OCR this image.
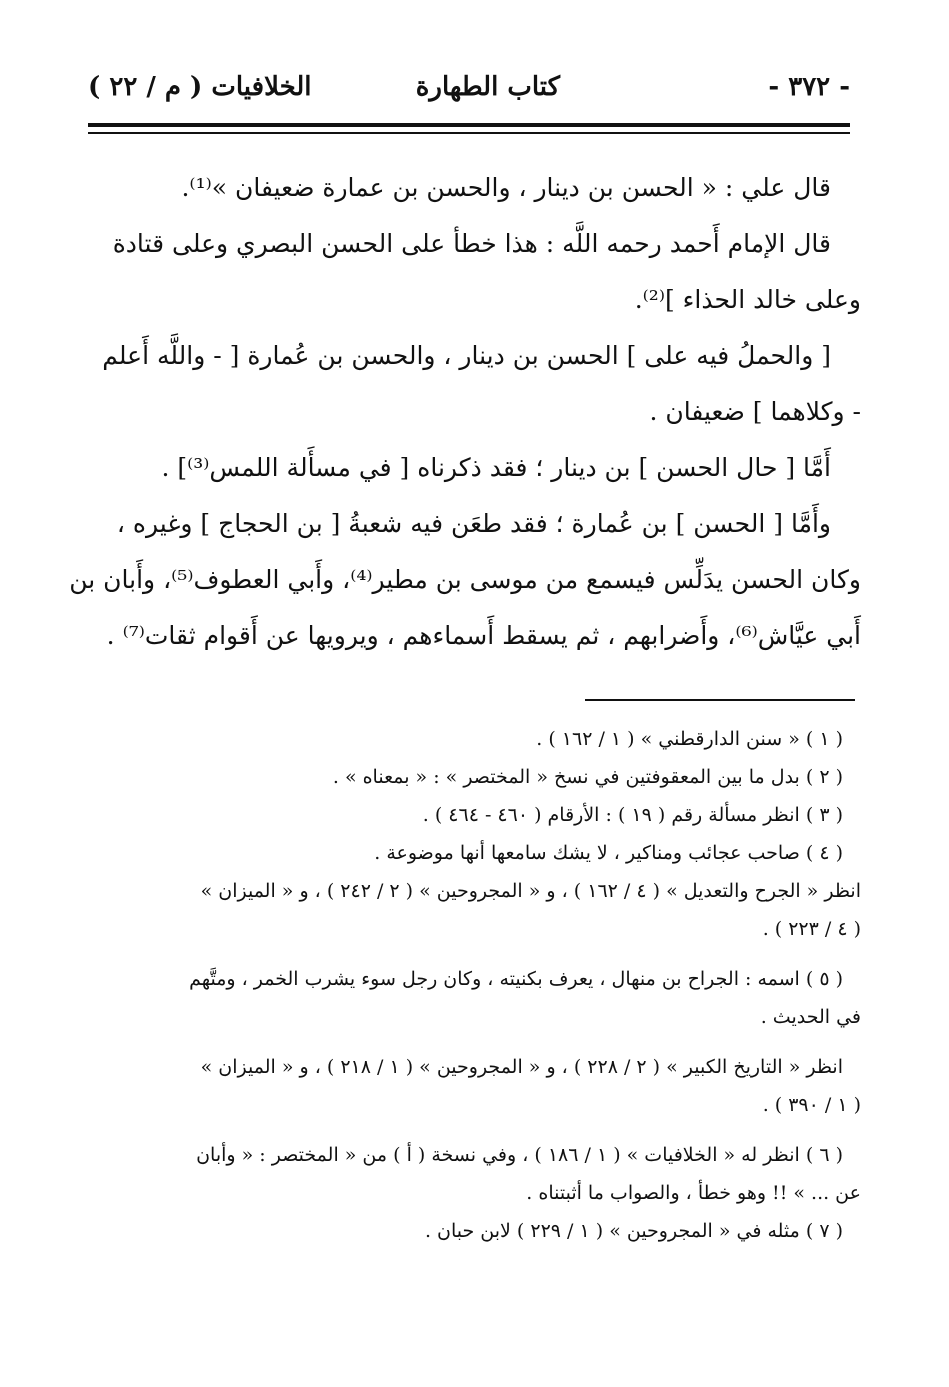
- ٣٧٢ -
كتاب الطهارة
الخلافيات ( م / ٢٢ )

قال علي : « الحسن بن دينار ، والحسن بن عمارة ضعيفان »⁽¹⁾.

قال الإمام أَحمد رحمه اللَّه : هذا خطأ على الحسن البصري وعلى قتادة

وعلى خالد الحذاء ]⁽²⁾.

[ والحملُ فيه على ] الحسن بن دينار ، والحسن بن عُمارة [ - واللَّه أَعلم

- وكلاهما ] ضعيفان .

أَمَّا [ حال الحسن ] بن دينار ؛ فقد ذكرناه [ في مسأَلة اللمس⁽³⁾] .

وأَمَّا [ الحسن ] بن عُمارة ؛ فقد طعَن فيه شعبةُ [ بن الحجاج ] وغيره ،

وكان الحسن يدَلِّس فيسمع من موسى بن مطير⁽⁴⁾، وأَبي العطوف⁽⁵⁾، وأَبان بن

أَبي عيَّاش⁽⁶⁾، وأَضرابهم ، ثم يسقط أَسماءهم ، ويرويها عن أَقوام ثقات⁽⁷⁾ .

( ١ ) « سنن الدارقطني » ( ١ / ١٦٢ ) .

( ٢ ) بدل ما بين المعقوفتين في نسخ « المختصر » : « بمعناه » .

( ٣ ) انظر مسألة رقم ( ١٩ ) : الأرقام ( ٤٦٠ - ٤٦٤ ) .

( ٤ ) صاحب عجائب ومناكير ، لا يشك سامعها أنها موضوعة .

انظر « الجرح والتعديل » ( ٤ / ١٦٢ ) ، و « المجروحين » ( ٢ / ٢٤٢ ) ، و « الميزان »

( ٤ / ٢٢٣ ) .

( ٥ ) اسمه : الجراح بن منهال ، يعرف بكنيته ، وكان رجل سوء يشرب الخمر ، ومتَّهم

في الحديث .

انظر « التاريخ الكبير » ( ٢ / ٢٢٨ ) ، و « المجروحين » ( ١ / ٢١٨ ) ، و « الميزان »

( ١ / ٣٩٠ ) .

( ٦ ) انظر له « الخلافيات » ( ١ / ١٨٦ ) ، وفي نسخة ( أ ) من « المختصر : « وأبان

عن ... » !! وهو خطأ ، والصواب ما أثبتناه .

( ٧ ) مثله في « المجروحين » ( ١ / ٢٢٩ ) لابن حبان .
